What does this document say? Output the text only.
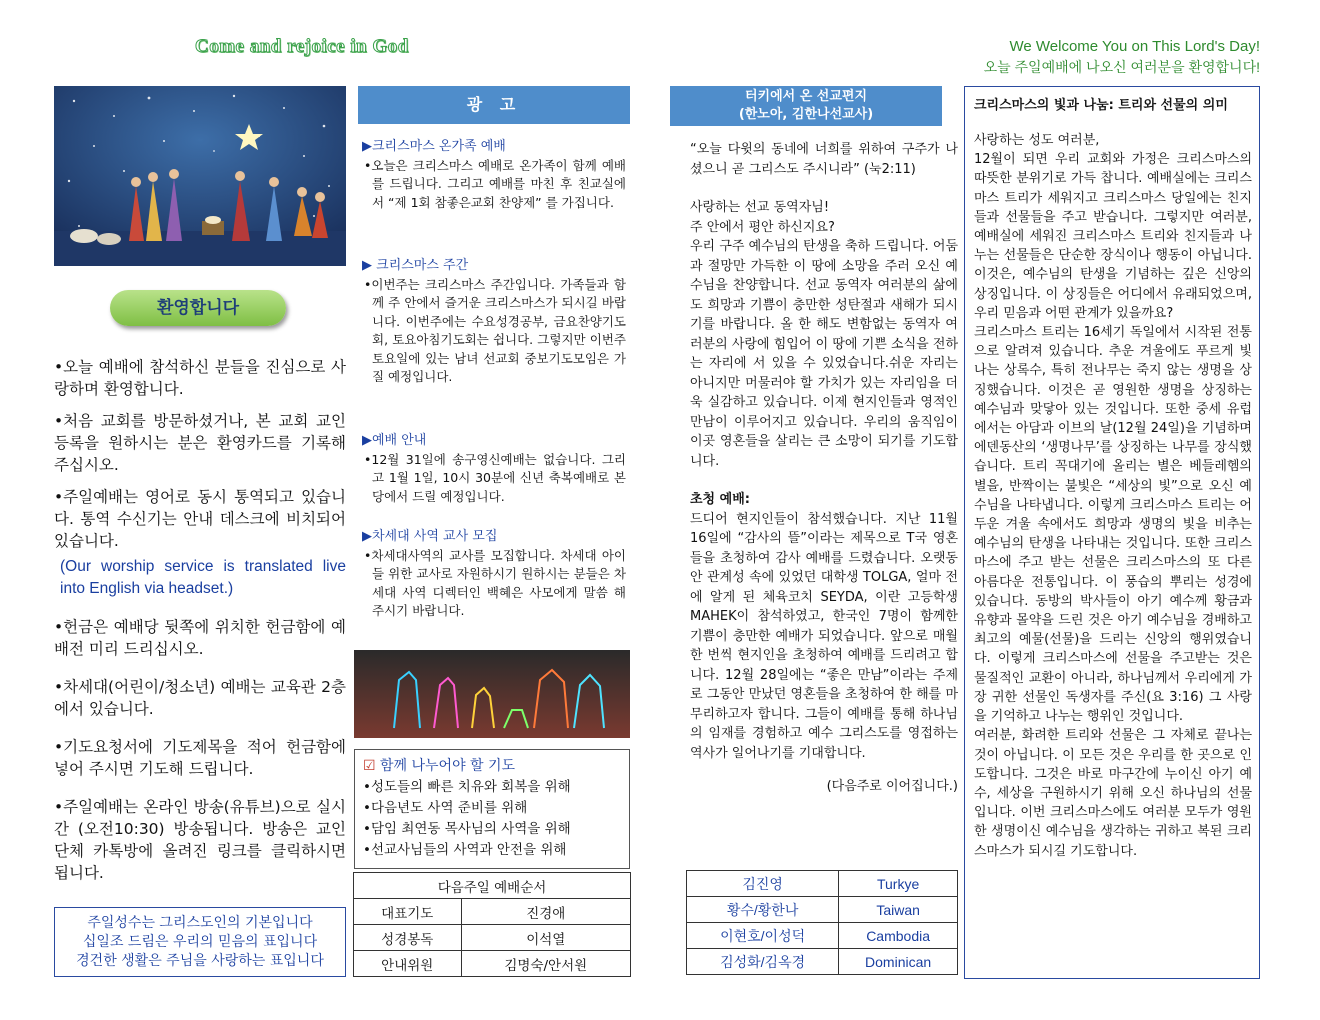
Come and rejoice in God	We Welcome You on This Lord's Day!
오늘 주일예배에 나오신 여러분을 환영합니다!
환영합니다

•오늘 예배에 참석하신 분들을 진심으로 사랑하며 환영합니다.

•처음 교회를 방문하셨거나, 본 교회 교인 등록을 원하시는 분은 환영카드를 기록해 주십시오.

•주일예배는 영어로 동시 통역되고 있습니다. 통역 수신기는 안내 데스크에 비치되어 있습니다.

(Our worship service is translated live into English via headset.)

•헌금은 예배당 뒷쪽에 위치한 헌금함에 예배전 미리 드리십시오.

•차세대(어린이/청소년) 예배는 교육관 2층에서 있습니다.

•기도요청서에 기도제목을 적어 헌금함에 넣어 주시면 기도해 드립니다.

•주일예배는 온라인 방송(유튜브)으로 실시간 (오전10:30) 방송됩니다. 방송은 교인 단체 카톡방에 올려진 링크를 클릭하시면 됩니다.

주일성수는 그리스도인의 기본입니다
십일조 드림은 우리의 믿음의 표입니다
경건한 생활은 주님을 사랑하는 표입니다
광 고
▶크리스마스 온가족 예배
•오늘은 크리스마스 예배로 온가족이 함께 예배를 드립니다. 그리고 예배를 마친 후 친교실에서 “제 1회 참좋은교회 찬양제” 를 가집니다.
▶ 크리스마스 주간
•이번주는 크리스마스 주간입니다. 가족들과 함께 주 안에서 즐거운 크리스마스가 되시길 바랍니다. 이번주에는 수요성경공부, 금요찬양기도회, 토요아침기도회는 쉽니다. 그렇지만 이번주 토요일에 있는 남녀 선교회 중보기도모임은 가질 예정입니다.
▶예배 안내
•12월 31일에 송구영신예배는 없습니다. 그리고 1월 1일, 10시 30분에 신년 축복예배로 본당에서 드릴 예정입니다.
▶차세대 사역 교사 모집
•차세대사역의 교사를 모집합니다. 차세대 아이들 위한 교사로 자원하시기 원하시는 분들은 차세대 사역 디렉터인 백혜은 사모에게 말씀 해 주시기 바랍니다.
☑ 함께 나누어야 할 기도
•성도들의 빠른 치유와 회복을 위해
•다음년도 사역 준비를 위해
•담임 최연동 목사님의 사역을 위해
•선교사님들의 사역과 안전을 위해
다음주일 예배순서	
대표기도	진경애
성경봉독	이석열
안내위원	김명숙/안서원
터키에서 온 선교편지
(한노아, 김한나선교사)

“오늘 다윗의 동네에 너희를 위하여 구주가 나셨으니 곧 그리스도 주시니라” (눅2:11)

사랑하는 선교 동역자님!

주 안에서 평안 하신지요?

우리 구주 예수님의 탄생을 축하 드립니다. 어둠과 절망만 가득한 이 땅에 소망을 주러 오신 예수님을 찬양합니다. 선교 동역자 여러분의 삶에도 희망과 기쁨이 충만한 성탄절과 새해가 되시기를 바랍니다. 올 한 해도 변함없는 동역자 여러분의 사랑에 힘입어 이 땅에 기쁜 소식을 전하는 자리에 서 있을 수 있었습니다.쉬운 자리는 아니지만 머물러야 할 가치가 있는 자리임을 더욱 실감하고 있습니다. 이제 현지인들과 영적인 만남이 이루어지고 있습니다. 우리의 움직임이 이곳 영혼들을 살리는 큰 소망이 되기를 기도합니다.

초청 예배:

드디어 현지인들이 참석했습니다. 지난 11월 16일에 “감사의 뜰”이라는 제목으로 T국 영혼들을 초청하여 감사 예배를 드렸습니다. 오랫동안 관계성 속에 있었던 대학생 TOLGA, 얼마 전에 알게 된 체육코치 SEYDA, 이란 고등학생 MAHEK이 참석하였고, 한국인 7명이 함께한 기쁨이 충만한 예배가 되었습니다. 앞으로 매월 한 번씩 현지인을 초청하여 예배를 드리려고 합니다. 12월 28일에는 “좋은 만남”이라는 주제로 그동안 만났던 영혼들을 초청하여 한 해를 마무리하고자 합니다. 그들이 예배를 통해 하나님의 임재를 경험하고 예수 그리스도를 영접하는 역사가 일어나기를 기대합니다.

(다음주로 이어집니다.)

김진영	Turkye
황수/황한나	Taiwan
이현호/이성덕	Cambodia
김성화/김옥경	Dominican
크리스마스의 빛과 나눔: 트리와 선물의 의미

사랑하는 성도 여러분,

12월이 되면 우리 교회와 가정은 크리스마스의 따뜻한 분위기로 가득 찹니다. 예배실에는 크리스마스 트리가 세워지고 크리스마스 당일에는 친지들과 선물들을 주고 받습니다. 그렇지만 여러분, 예배실에 세워진 크리스마스 트리와 친지들과 나누는 선물들은 단순한 장식이나 행동이 아닙니다. 이것은, 예수님의 탄생을 기념하는 깊은 신앙의 상징입니다. 이 상징들은 어디에서 유래되었으며, 우리 믿음과 어떤 관계가 있을까요?

크리스마스 트리는 16세기 독일에서 시작된 전통으로 알려져 있습니다. 추운 겨울에도 푸르게 빛나는 상록수, 특히 전나무는 죽지 않는 생명을 상징했습니다. 이것은 곧 영원한 생명을 상징하는 예수님과 맞닿아 있는 것입니다. 또한 중세 유럽에서는 아담과 이브의 날(12월 24일)을 기념하며 에덴동산의 ‘생명나무’를 상징하는 나무를 장식했습니다. 트리 꼭대기에 올리는 별은 베들레헴의 별을, 반짝이는 불빛은 “세상의 빛”으로 오신 예수님을 나타냅니다. 이렇게 크리스마스 트리는 어두운 겨울 속에서도 희망과 생명의 빛을 비추는 예수님의 탄생을 나타내는 것입니다. 또한 크리스마스에 주고 받는 선물은 크리스마스의 또 다른 아름다운 전통입니다. 이 풍습의 뿌리는 성경에 있습니다. 동방의 박사들이 아기 예수께 황금과 유향과 몰약을 드린 것은 아기 예수님을 경배하고 최고의 예물(선물)을 드리는 신앙의 행위였습니다. 이렇게 크리스마스에 선물을 주고받는 것은 물질적인 교환이 아니라, 하나님께서 우리에게 가장 귀한 선물인 독생자를 주신(요 3:16) 그 사랑을 기억하고 나누는 행위인 것입니다.

여러분, 화려한 트리와 선물은 그 자체로 끝나는 것이 아닙니다. 이 모든 것은 우리를 한 곳으로 인도합니다. 그것은 바로 마구간에 누이신 아기 예수, 세상을 구원하시기 위해 오신 하나님의 선물입니다. 이번 크리스마스에도 여러분 모두가 영원한 생명이신 예수님을 생각하는 귀하고 복된 크리스마스가 되시길 기도합니다.
